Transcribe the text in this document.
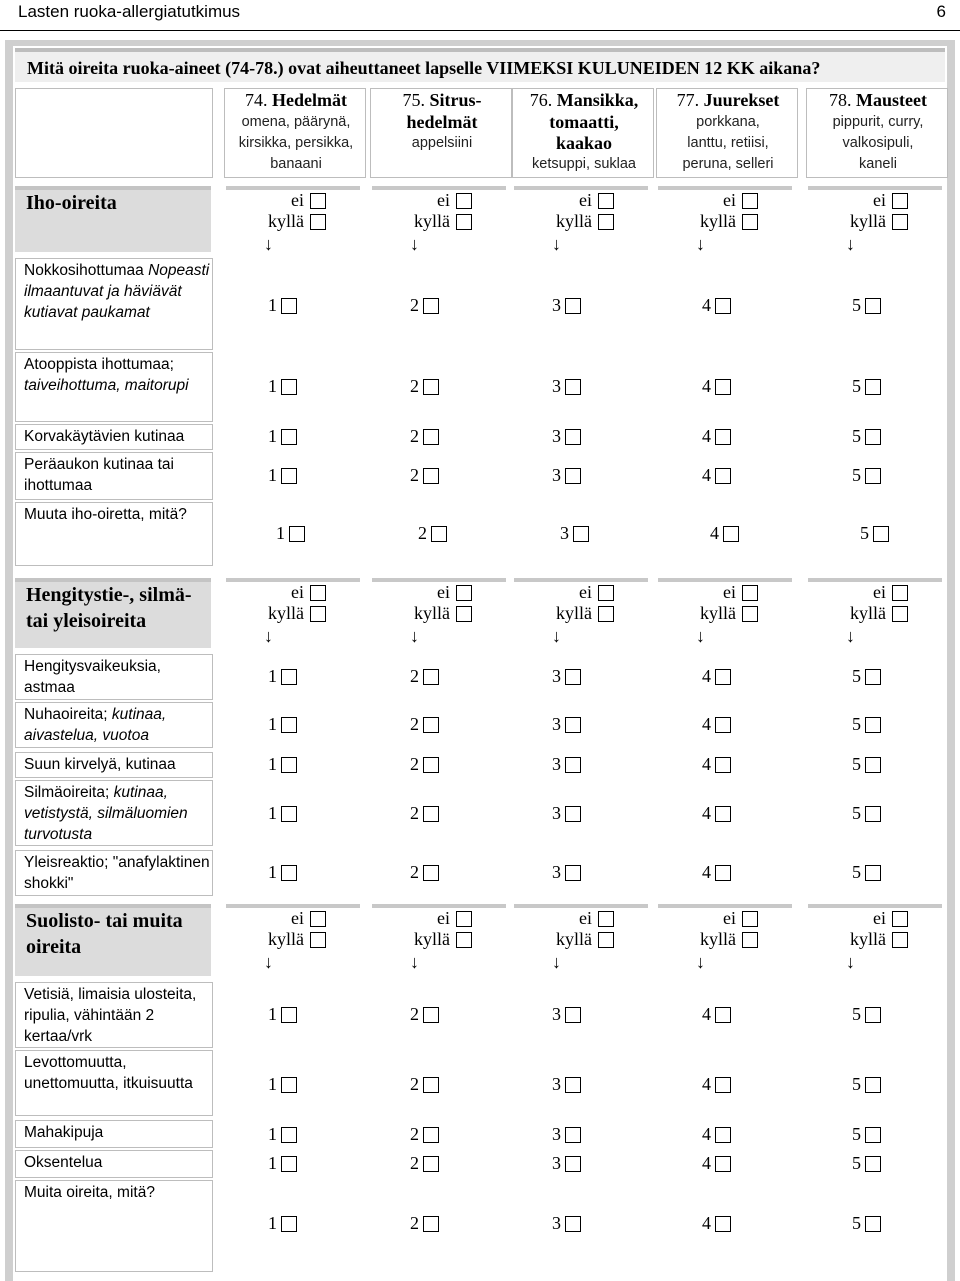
Lasten ruoka-allergiatutkimus	6
Mitä oireita ruoka-aineet (74-78.) ovat aiheuttaneet lapselle VIIMEKSI KULUNEIDEN 12 KK aikana?
74. Hedelmät
omena, päärynä,
kirsikka, persikka,
banaani
75. Sitrus-
hedelmät
appelsiini
76. Mansikka,
tomaatti,
kaakao
ketsuppi, suklaa
77. Juurekset
porkkana,
lanttu, retiisi,
peruna, selleri
78. Mausteet
pippurit, curry,
valkosipuli,
kaneli
Iho-oireita	ei
kyllä
↓
ei
kyllä
↓
ei
kyllä
↓
ei
kyllä
↓
ei
kyllä
↓
Nokkosihottumaa Nopeasti ilmaantuvat ja häviävät kutiavat paukamat	1	2	3	4	5
Atooppista ihottumaa; taiveihottuma, maitorupi	1	2	3	4	5
Korvakäytävien kutinaa	1	2	3	4	5
Peräaukon kutinaa tai ihottumaa
1	2	3	4	5
Muuta iho-oiretta, mitä?
1	2	3	4	5
Hengitystie-, silmä- tai yleisoireita
ei
kyllä
↓
ei
kyllä
↓
ei
kyllä
↓
ei
kyllä
↓
ei
kyllä
↓
Hengitysvaikeuksia, astmaa
1	2	3	4	5
Nuhaoireita; kutinaa, aivastelua, vuotoa
1	2	3	4	5
Suun kirvelyä, kutinaa	1	2	3	4	5
Silmäoireita; kutinaa, vetistystä, silmäluomien turvotusta
1	2	3	4	5
Yleisreaktio; "anafylaktinen shokki"
1	2	3	4	5
Suolisto- tai muita oireita
ei
kyllä
↓
ei
kyllä
↓
ei
kyllä
↓
ei
kyllä
↓
ei
kyllä
↓
Vetisiä, limaisia ulosteita, ripulia, vähintään 2 kertaa/vrk
1	2	3	4	5
Levottomuutta, unettomuutta, itkuisuutta	1	2	3	4	5
Mahakipuja	1	2	3	4	5
Oksentelua	1	2	3	4	5
Muita oireita, mitä?
1	2	3	4	5
